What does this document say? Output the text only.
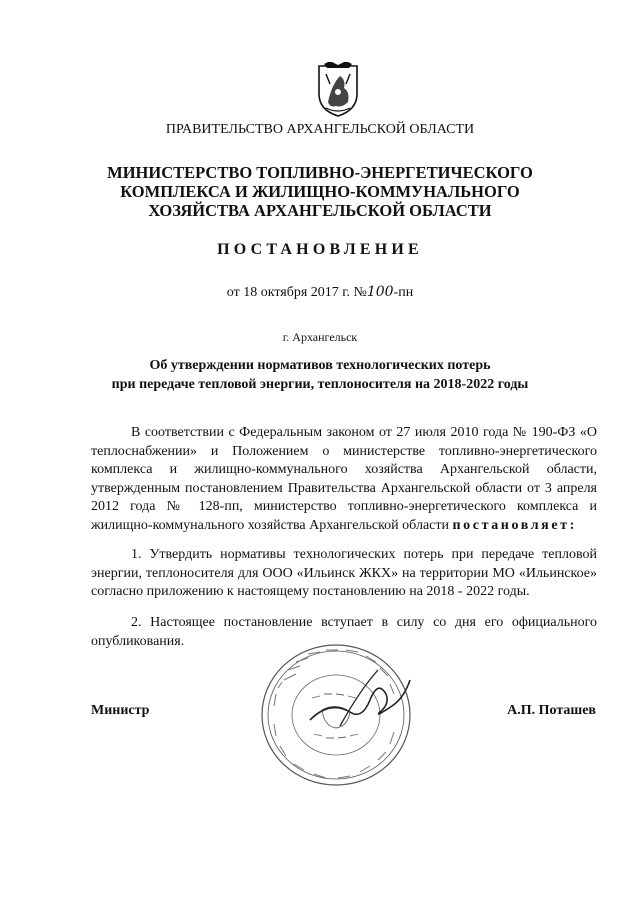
ПРАВИТЕЛЬСТВО АРХАНГЕЛЬСКОЙ ОБЛАСТИ
МИНИСТЕРСТВО ТОПЛИВНО-ЭНЕРГЕТИЧЕСКОГО
КОМПЛЕКСА И ЖИЛИЩНО-КОММУНАЛЬНОГО
ХОЗЯЙСТВА АРХАНГЕЛЬСКОЙ ОБЛАСТИ
ПОСТАНОВЛЕНИЕ
от 18 октября 2017 г. №100-пн
г. Архангельск
Об утверждении нормативов технологических потерь
при передаче тепловой энергии, теплоносителя на 2018-2022 годы
В соответствии с Федеральным законом от 27 июля 2010 года № 190-ФЗ «О теплоснабжении» и Положением о министерстве топливно-энергетического комплекса и жилищно-коммунального хозяйства Архангельской области, утвержденным постановлением Правительства Архангельской области от 3 апреля 2012 года № 128-пп, министерство топливно-энергетического комплекса и жилищно-коммунального хозяйства Архангельской области постановляет:
1. Утвердить нормативы технологических потерь при передаче тепловой энергии, теплоносителя для ООО «Ильинск ЖКХ» на территории МО «Ильинское» согласно приложению к настоящему постановлению на 2018 - 2022 годы.
2. Настоящее постановление вступает в силу со дня его официального опубликования.
Министр	А.П. Поташев
